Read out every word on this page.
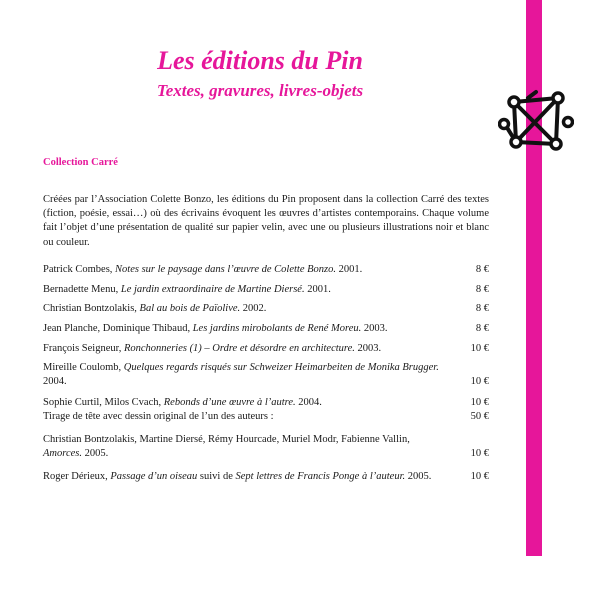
Les éditions du Pin
Textes, gravures, livres-objets
Collection Carré
Créées par l’Association Colette Bonzo, les éditions du Pin proposent dans la collection Carré des textes (fiction, poésie, essai…) où des écrivains évoquent les œuvres d’artistes contemporains. Chaque volume fait l’objet d’une présentation de qualité sur papier velin, avec une ou plusieurs illustrations noir et blanc ou couleur.
Patrick Combes, Notes sur le paysage dans l’œuvre de Colette Bonzo. 2001.	8 €
Bernadette Menu, Le jardin extraordinaire de Martine Diersé. 2001.	8 €
Christian Bontzolakis, Bal au bois de Païolive. 2002.	8 €
Jean Planche, Dominique Thibaud, Les jardins mirobolants de René Moreu. 2003.	8 €
François Seigneur, Ronchonneries (1) – Ordre et désordre en architecture. 2003.	10 €
Mireille Coulomb, Quelques regards risqués sur Schweizer Heimarbeiten de Monika Brugger.
2004.	10 €
Sophie Curtil, Milos Cvach, Rebonds d’une œuvre à l’autre. 2004.	10 €
Tirage de tête avec dessin original de l’un des auteurs :	50 €
Christian Bontzolakis, Martine Diersé, Rémy Hourcade, Muriel Modr, Fabienne Vallin,
Amorces. 2005.	10 €
Roger Dérieux, Passage d’un oiseau suivi de Sept lettres de Francis Ponge à l’auteur. 2005.	10 €
